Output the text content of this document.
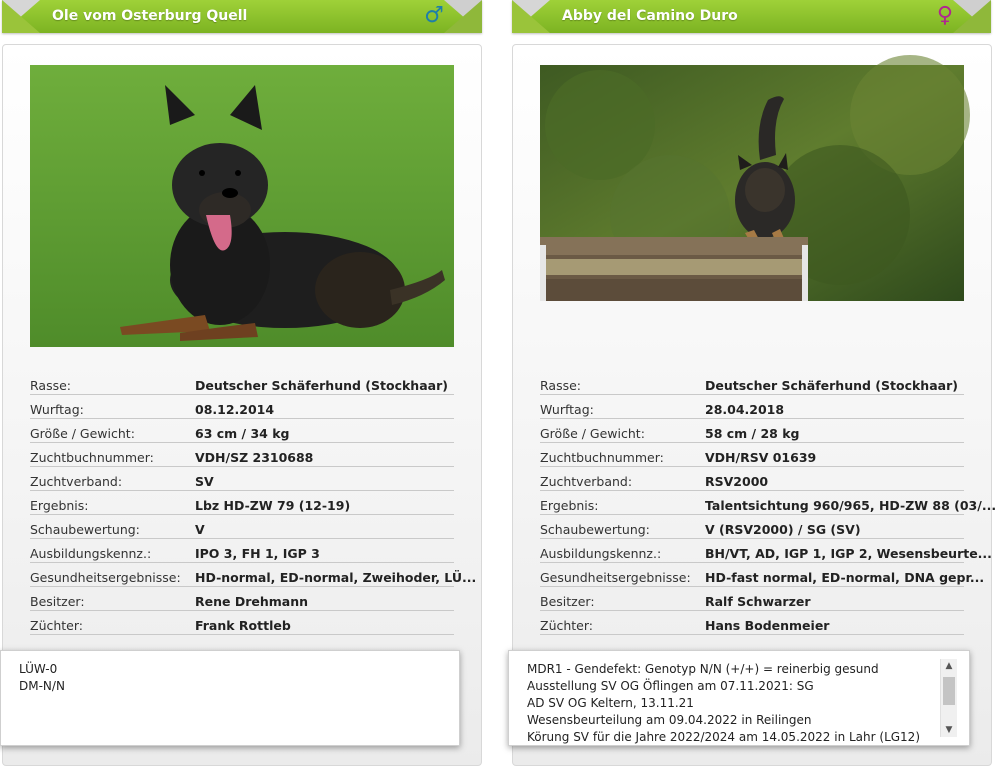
Ole vom Osterburg Quell	♂
Rasse:	Deutscher Schäferhund (Stockhaar)
Wurftag:	08.12.2014
Größe / Gewicht:	63 cm / 34 kg
Zuchtbuchnummer:	VDH/SZ 2310688
Zuchtverband:	SV
Ergebnis:	Lbz HD-ZW 79 (12-19)
Schaubewertung:	V
Ausbildungskennz.:	IPO 3, FH 1, IGP 3
Gesundheitsergebnisse:	HD-normal, ED-normal, Zweihoder, LÜ...
Besitzer:	Rene Drehmann
Züchter:	Frank Rottleb
LÜW-0
DM-N/N
Abby del Camino Duro	♀
Rasse:	Deutscher Schäferhund (Stockhaar)
Wurftag:	28.04.2018
Größe / Gewicht:	58 cm / 28 kg
Zuchtbuchnummer:	VDH/RSV 01639
Zuchtverband:	RSV2000
Ergebnis:	Talentsichtung 960/965, HD-ZW 88 (03/...
Schaubewertung:	V (RSV2000) / SG (SV)
Ausbildungskennz.:	BH/VT, AD, IGP 1, IGP 2, Wesensbeurte...
Gesundheitsergebnisse:	HD-fast normal, ED-normal, DNA gepr...
Besitzer:	Ralf Schwarzer
Züchter:	Hans Bodenmeier
MDR1 - Gendefekt: Genotyp N/N (+/+) = reinerbig gesund
Ausstellung SV OG Öflingen am 07.11.2021: SG
AD SV OG Keltern, 13.11.21
Wesensbeurteilung am 09.04.2022 in Reilingen
Körung SV für die Jahre 2022/2024 am 14.05.2022 in Lahr (LG12)
▲
▼
